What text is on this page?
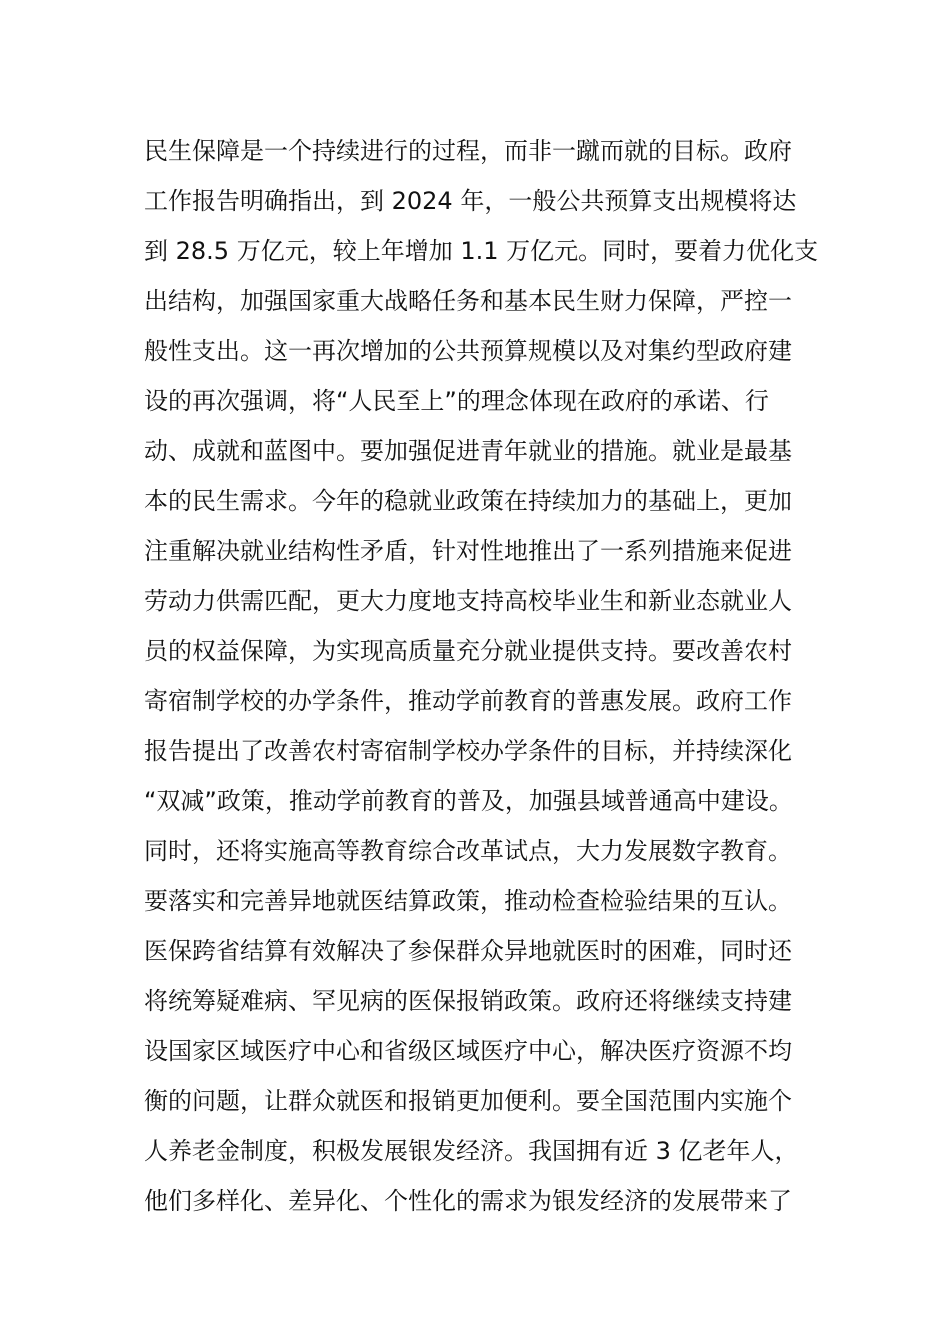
民生保障是一个持续进行的过程，而非一蹴而就的目标。政府
工作报告明确指出，到 2024 年，一般公共预算支出规模将达
到 28.5 万亿元，较上年增加 1.1 万亿元。同时，要着力优化支
出结构，加强国家重大战略任务和基本民生财力保障，严控一
般性支出。这一再次增加的公共预算规模以及对集约型政府建
设的再次强调，将“人民至上”的理念体现在政府的承诺、行
动、成就和蓝图中。要加强促进青年就业的措施。就业是最基
本的民生需求。今年的稳就业政策在持续加力的基础上，更加
注重解决就业结构性矛盾，针对性地推出了一系列措施来促进
劳动力供需匹配，更大力度地支持高校毕业生和新业态就业人
员的权益保障，为实现高质量充分就业提供支持。要改善农村
寄宿制学校的办学条件，推动学前教育的普惠发展。政府工作
报告提出了改善农村寄宿制学校办学条件的目标，并持续深化
“双减”政策，推动学前教育的普及，加强县域普通高中建设。
同时，还将实施高等教育综合改革试点，大力发展数字教育。
要落实和完善异地就医结算政策，推动检查检验结果的互认。
医保跨省结算有效解决了参保群众异地就医时的困难，同时还
将统筹疑难病、罕见病的医保报销政策。政府还将继续支持建
设国家区域医疗中心和省级区域医疗中心，解决医疗资源不均
衡的问题，让群众就医和报销更加便利。要全国范围内实施个
人养老金制度，积极发展银发经济。我国拥有近 3 亿老年人，
他们多样化、差异化、个性化的需求为银发经济的发展带来了
